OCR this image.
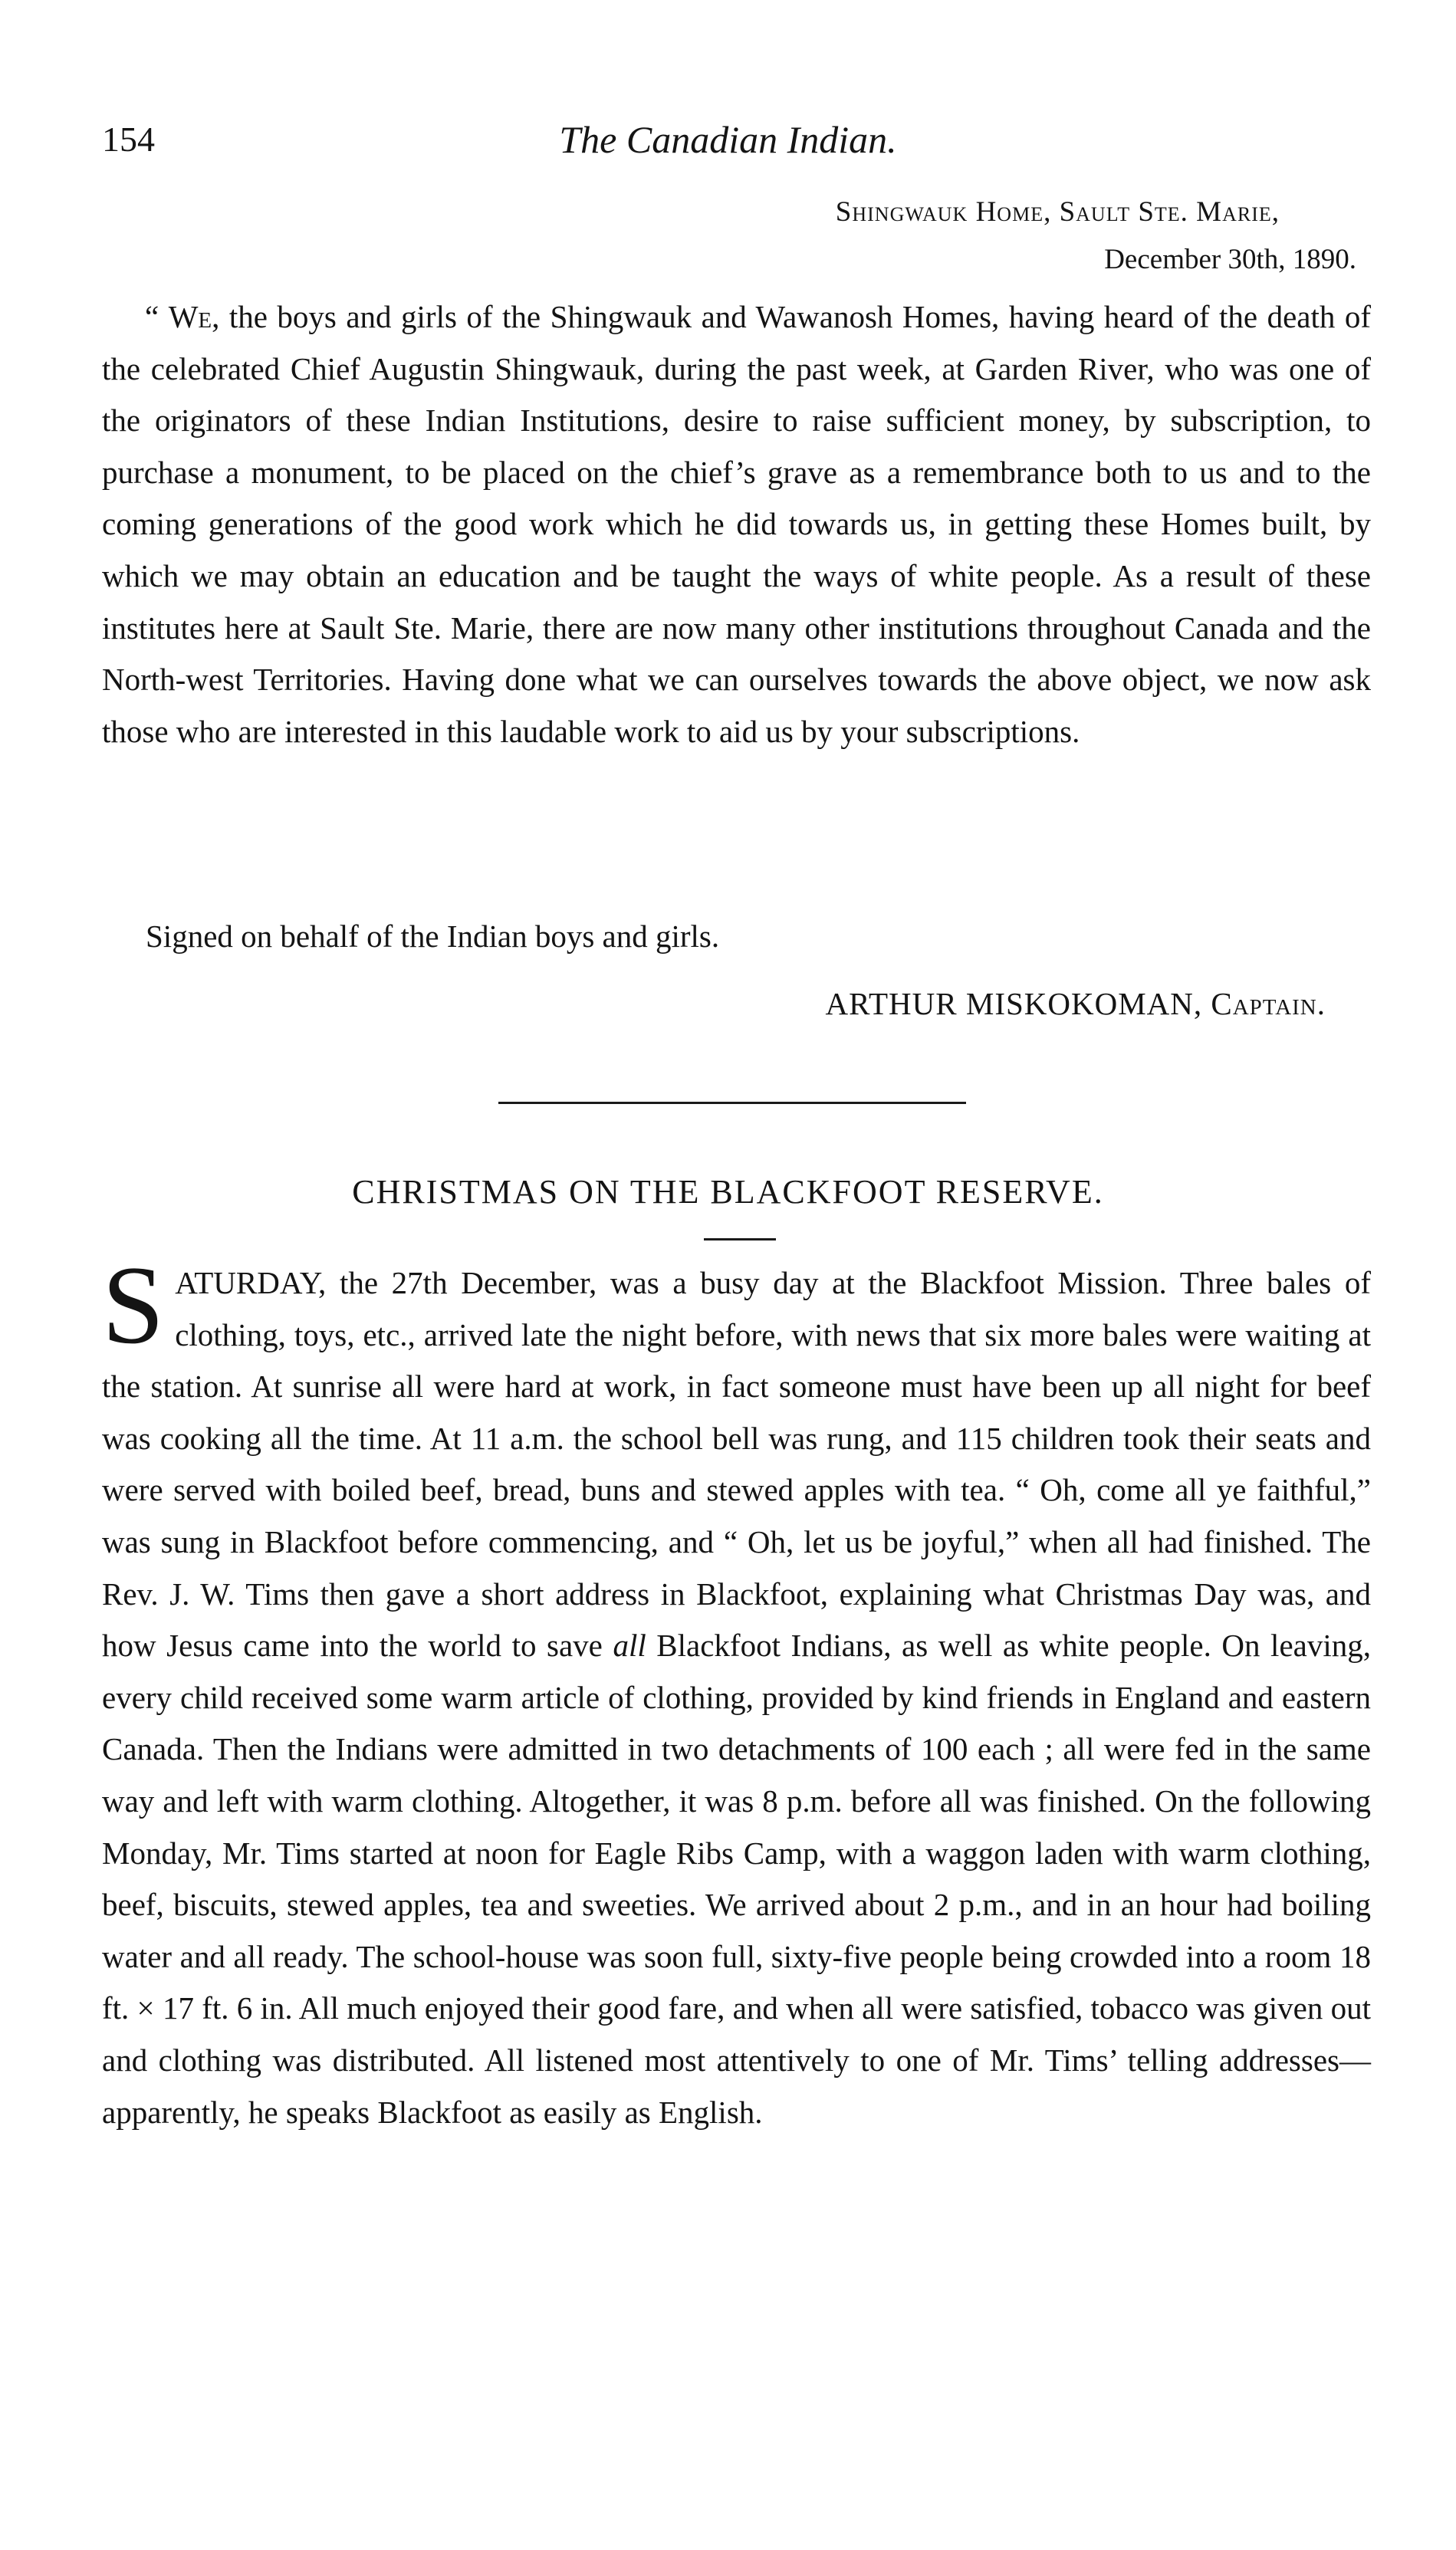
154	The Canadian Indian.
Shingwauk Home, Sault Ste. Marie,
December 30th, 1890.

“ We, the boys and girls of the Shingwauk and Wawanosh Homes, having heard of the death of the celebrated Chief Augustin Shingwauk, during the past week, at Garden River, who was one of the originators of these Indian Institutions, desire to raise sufficient money, by subscription, to purchase a monument, to be placed on the chief’s grave as a remembrance both to us and to the coming generations of the good work which he did towards us, in getting these Homes built, by which we may obtain an education and be taught the ways of white people. As a result of these institutes here at Sault Ste. Marie, there are now many other institutions throughout Canada and the North-west Territories. Having done what we can ourselves towards the above object, we now ask those who are interested in this laudable work to aid us by your subscriptions.

Signed on behalf of the Indian boys and girls.
ARTHUR MISKOKOMAN, Captain.
CHRISTMAS ON THE BLACKFOOT RESERVE.

SATURDAY, the 27th December, was a busy day at the Blackfoot Mission. Three bales of clothing, toys, etc., arrived late the night before, with news that six more bales were waiting at the station. At sunrise all were hard at work, in fact someone must have been up all night for beef was cooking all the time. At 11 a.m. the school bell was rung, and 115 children took their seats and were served with boiled beef, bread, buns and stewed apples with tea. “ Oh, come all ye faithful,” was sung in Blackfoot before commencing, and “ Oh, let us be joyful,” when all had finished. The Rev. J. W. Tims then gave a short address in Blackfoot, explaining what Christmas Day was, and how Jesus came into the world to save all Blackfoot Indians, as well as white people. On leaving, every child received some warm article of clothing, provided by kind friends in England and eastern Canada. Then the Indians were admitted in two detachments of 100 each ; all were fed in the same way and left with warm clothing. Altogether, it was 8 p.m. before all was finished. On the following Monday, Mr. Tims started at noon for Eagle Ribs Camp, with a waggon laden with warm clothing, beef, biscuits, stewed apples, tea and sweeties. We arrived about 2 p.m., and in an hour had boiling water and all ready. The school-house was soon full, sixty-five people being crowded into a room 18 ft. × 17 ft. 6 in. All much enjoyed their good fare, and when all were satisfied, tobacco was given out and clothing was distributed. All listened most attentively to one of Mr. Tims’ telling addresses—apparently, he speaks Blackfoot as easily as English.
